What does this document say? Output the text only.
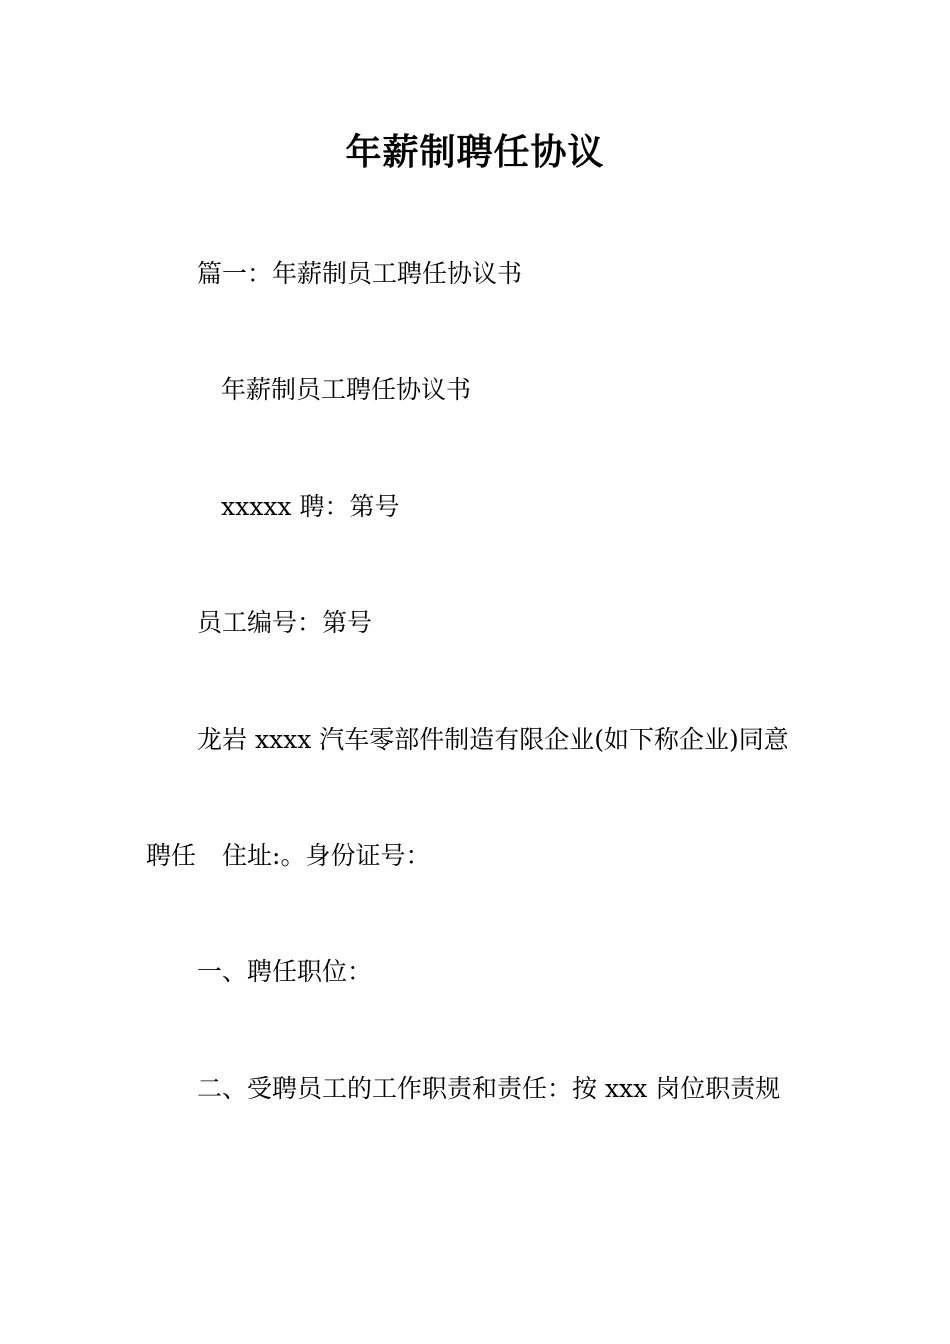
年薪制聘任协议
篇一：年薪制员工聘任协议书
年薪制员工聘任协议书
xxxxx 聘：第号
员工编号：第号
龙岩 xxxx 汽车零部件制造有限企业(如下称企业)同意
聘任 住址:。身份证号：
一、聘任职位：
二、受聘员工的工作职责和责任：按 xxx 岗位职责规
